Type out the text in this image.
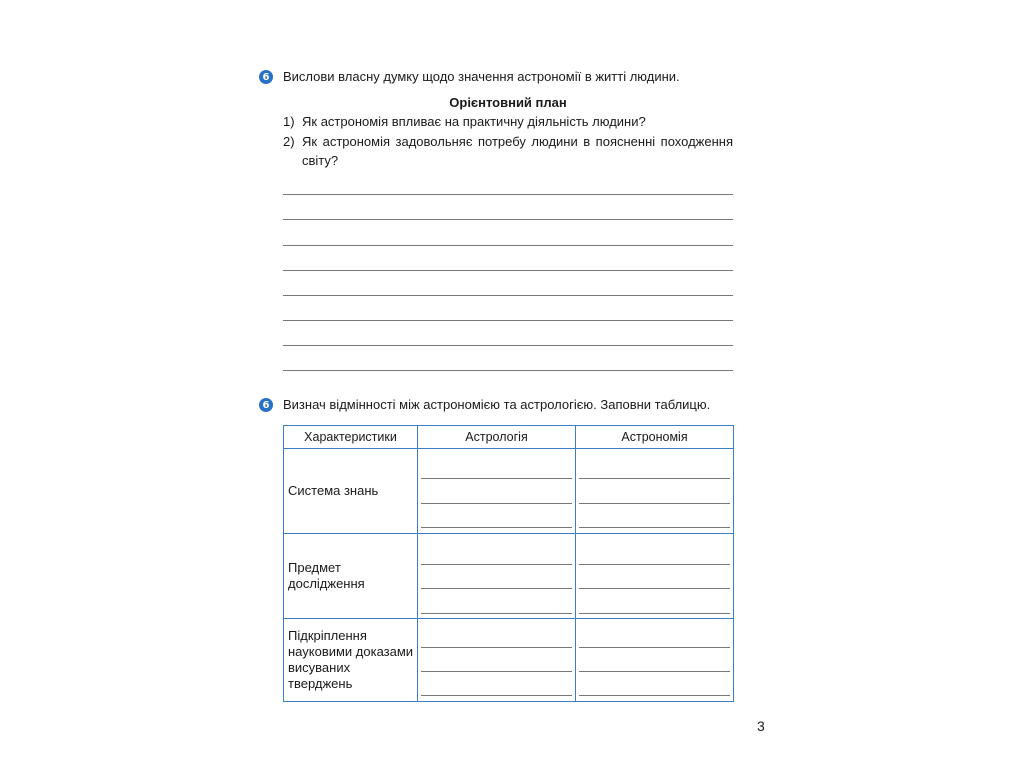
6 Вислови власну думку щодо значення астрономії в житті людини.
Орієнтовний план
1) Як астрономія впливає на практичну діяльність людини?
2) Як астрономія задовольняє потребу людини в поясненні походження світу?
6 Визнач відмінності між астрономією та астрологією. Заповни таблицю.
Характеристики	Астрологія	Астрономія
Система знань	

Предмет дослідження	

Підкріплення науковими доказами висуваних тверджень	

3
